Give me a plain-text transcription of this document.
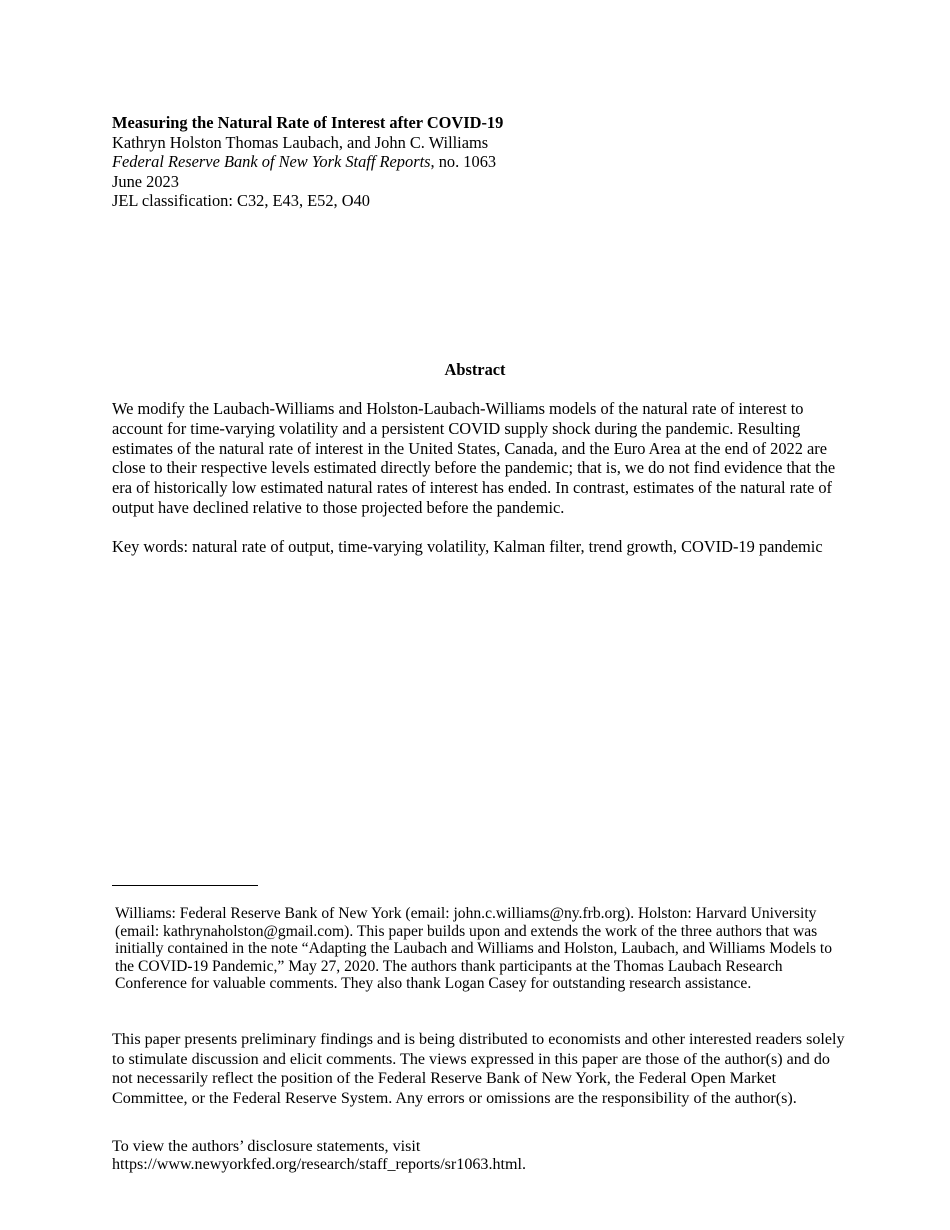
Measuring the Natural Rate of Interest after COVID-19
Kathryn Holston Thomas Laubach, and John C. Williams
Federal Reserve Bank of New York Staff Reports, no. 1063
June 2023
JEL classification: C32, E43, E52, O40
Abstract

We modify the Laubach-Williams and Holston-Laubach-Williams models of the natural rate of interest to account for time-varying volatility and a persistent COVID supply shock during the pandemic. Resulting estimates of the natural rate of interest in the United States, Canada, and the Euro Area at the end of 2022 are close to their respective levels estimated directly before the pandemic; that is, we do not find evidence that the era of historically low estimated natural rates of interest has ended. In contrast, estimates of the natural rate of output have declined relative to those projected before the pandemic.

Key words: natural rate of output, time-varying volatility, Kalman filter, trend growth, COVID-19 pandemic

Williams: Federal Reserve Bank of New York (email: john.c.williams@ny.frb.org). Holston: Harvard University (email: kathrynaholston@gmail.com). This paper builds upon and extends the work of the three authors that was initially contained in the note “Adapting the Laubach and Williams and Holston, Laubach, and Williams Models to the COVID-19 Pandemic,” May 27, 2020. The authors thank participants at the Thomas Laubach Research Conference for valuable comments. They also thank Logan Casey for outstanding research assistance.

This paper presents preliminary findings and is being distributed to economists and other interested readers solely to stimulate discussion and elicit comments. The views expressed in this paper are those of the author(s) and do not necessarily reflect the position of the Federal Reserve Bank of New York, the Federal Open Market Committee, or the Federal Reserve System. Any errors or omissions are the responsibility of the author(s).

To view the authors’ disclosure statements, visit
https://www.newyorkfed.org/research/staff_reports/sr1063.html.
